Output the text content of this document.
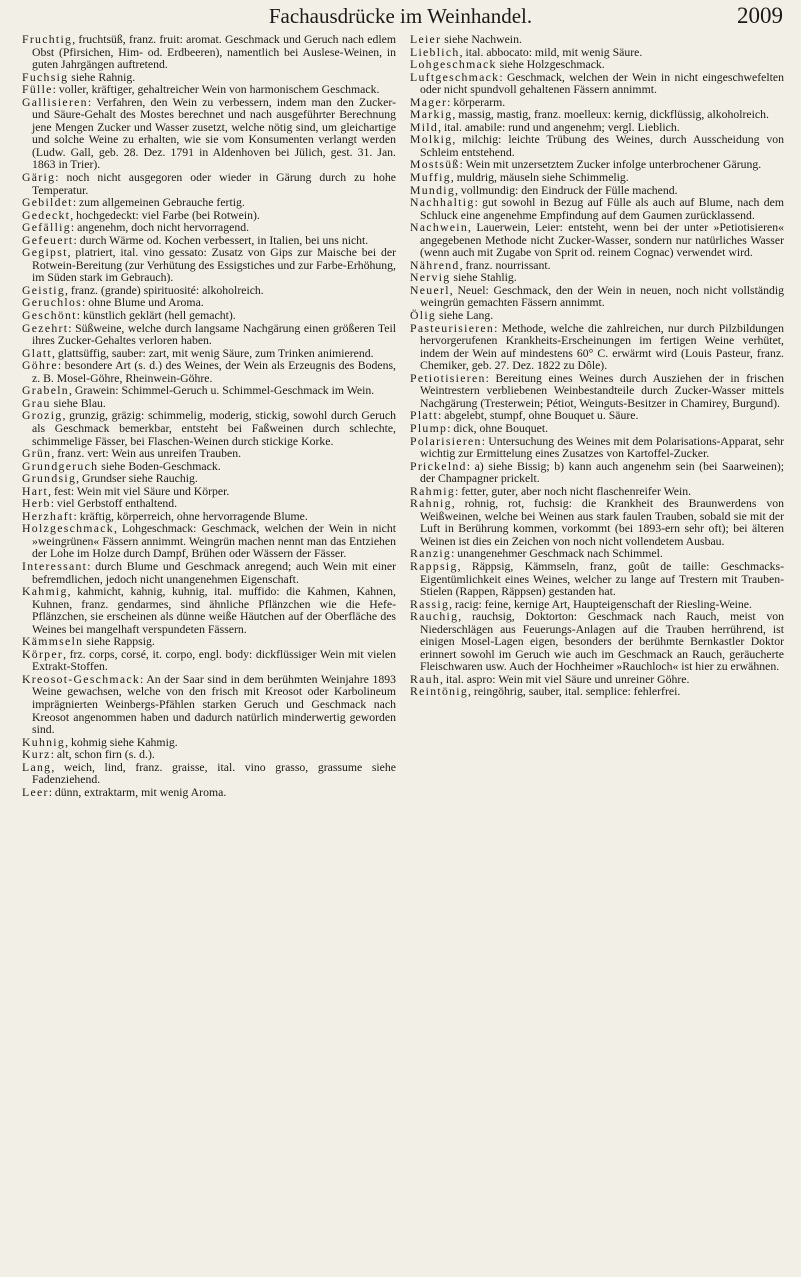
Fachausdrücke im Weinhandel.	2009

Fruchtig, fruchtsüß, franz. fruit: aromat. Geschmack und Geruch nach edlem Obst (Pfirsichen, Him- od. Erdbeeren), namentlich bei Auslese-Weinen, in guten Jahrgängen auftretend.

Fuchsig siehe Rahnig.

Fülle: voller, kräftiger, gehaltreicher Wein von harmonischem Geschmack.

Gallisieren: Verfahren, den Wein zu verbessern, indem man den Zucker- und Säure-Gehalt des Mostes berechnet und nach ausgeführter Berechnung jene Mengen Zucker und Wasser zusetzt, welche nötig sind, um gleichartige und solche Weine zu erhalten, wie sie vom Konsumenten verlangt werden (Ludw. Gall, geb. 28. Dez. 1791 in Aldenhoven bei Jülich, gest. 31. Jan. 1863 in Trier).

Gärig: noch nicht ausgegoren oder wieder in Gärung durch zu hohe Temperatur.

Gebildet: zum allgemeinen Gebrauche fertig.

Gedeckt, hochgedeckt: viel Farbe (bei Rotwein).

Gefällig: angenehm, doch nicht hervorragend.

Gefeuert: durch Wärme od. Kochen verbessert, in Italien, bei uns nicht.

Gegipst, platriert, ital. vino gessato: Zusatz von Gips zur Maische bei der Rotwein-Bereitung (zur Verhütung des Essigstiches und zur Farbe-Erhöhung, im Süden stark im Gebrauch).

Geistig, franz. (grande) spirituosité: alkoholreich.

Geruchlos: ohne Blume und Aroma.

Geschönt: künstlich geklärt (hell gemacht).

Gezehrt: Süßweine, welche durch langsame Nachgärung einen größeren Teil ihres Zucker-Gehaltes verloren haben.

Glatt, glattsüffig, sauber: zart, mit wenig Säure, zum Trinken animierend.

Göhre: besondere Art (s. d.) des Weines, der Wein als Erzeugnis des Bodens, z. B. Mosel-Göhre, Rheinwein-Göhre.

Grabeln, Grawein: Schimmel-Geruch u. Schimmel-Geschmack im Wein.

Grau siehe Blau.

Grozig, grunzig, gräzig: schimmelig, moderig, stickig, sowohl durch Geruch als Geschmack bemerkbar, entsteht bei Faßweinen durch schlechte, schimmelige Fässer, bei Flaschen-Weinen durch stickige Korke.

Grün, franz. vert: Wein aus unreifen Trauben.

Grundgeruch siehe Boden-Geschmack.

Grundsig, Grundser siehe Rauchig.

Hart, fest: Wein mit viel Säure und Körper.

Herb: viel Gerbstoff enthaltend.

Herzhaft: kräftig, körperreich, ohne hervorragende Blume.

Holzgeschmack, Lohgeschmack: Geschmack, welchen der Wein in nicht »weingrünen« Fässern annimmt. Weingrün machen nennt man das Entziehen der Lohe im Holze durch Dampf, Brühen oder Wässern der Fässer.

Interessant: durch Blume und Geschmack anregend; auch Wein mit einer befremdlichen, jedoch nicht unangenehmen Eigenschaft.

Kahmig, kahmicht, kahnig, kuhnig, ital. muffido: die Kahmen, Kahnen, Kuhnen, franz. gendarmes, sind ähnliche Pflänzchen wie die Hefe-Pflänzchen, sie erscheinen als dünne weiße Häutchen auf der Oberfläche des Weines bei mangelhaft verspundeten Fässern.

Kämmseln siehe Rappsig.

Körper, frz. corps, corsé, it. corpo, engl. body: dickflüssiger Wein mit vielen Extrakt-Stoffen.

Kreosot-Geschmack: An der Saar sind in dem berühmten Weinjahre 1893 Weine gewachsen, welche von den frisch mit Kreosot oder Karbolineum imprägnierten Weinbergs-Pfählen starken Geruch und Geschmack nach Kreosot angenommen haben und dadurch natürlich minderwertig geworden sind.

Kuhnig, kohmig siehe Kahmig.

Kurz: alt, schon firn (s. d.).

Lang, weich, lind, franz. graisse, ital. vino grasso, grassume siehe Fadenziehend.

Leer: dünn, extraktarm, mit wenig Aroma.

Leier siehe Nachwein.

Lieblich, ital. abbocato: mild, mit wenig Säure.

Lohgeschmack siehe Holzgeschmack.

Luftgeschmack: Geschmack, welchen der Wein in nicht eingeschwefelten oder nicht spundvoll gehaltenen Fässern annimmt.

Mager: körperarm.

Markig, massig, mastig, franz. moelleux: kernig, dickflüssig, alkoholreich.

Mild, ital. amabile: rund und angenehm; vergl. Lieblich.

Molkig, milchig: leichte Trübung des Weines, durch Ausscheidung von Schleim entstehend.

Mostsüß: Wein mit unzersetztem Zucker infolge unterbrochener Gärung.

Muffig, muldrig, mäuseln siehe Schimmelig.

Mundig, vollmundig: den Eindruck der Fülle machend.

Nachhaltig: gut sowohl in Bezug auf Fülle als auch auf Blume, nach dem Schluck eine angenehme Empfindung auf dem Gaumen zurücklassend.

Nachwein, Lauerwein, Leier: entsteht, wenn bei der unter »Petiotisieren« angegebenen Methode nicht Zucker-Wasser, sondern nur natürliches Wasser (wenn auch mit Zugabe von Sprit od. reinem Cognac) verwendet wird.

Nährend, franz. nourrissant.

Nervig siehe Stahlig.

Neuerl, Neuel: Geschmack, den der Wein in neuen, noch nicht vollständig weingrün gemachten Fässern annimmt.

Ölig siehe Lang.

Pasteurisieren: Methode, welche die zahlreichen, nur durch Pilzbildungen hervorgerufenen Krankheits-Erscheinungen im fertigen Weine verhütet, indem der Wein auf mindestens 60° C. erwärmt wird (Louis Pasteur, franz. Chemiker, geb. 27. Dez. 1822 zu Dôle).

Petiotisieren: Bereitung eines Weines durch Ausziehen der in frischen Weintrestern verbliebenen Weinbestandteile durch Zucker-Wasser mittels Nachgärung (Tresterwein; Pétiot, Weinguts-Besitzer in Chamirey, Burgund).

Platt: abgelebt, stumpf, ohne Bouquet u. Säure.

Plump: dick, ohne Bouquet.

Polarisieren: Untersuchung des Weines mit dem Polarisations-Apparat, sehr wichtig zur Ermittelung eines Zusatzes von Kartoffel-Zucker.

Prickelnd: a) siehe Bissig; b) kann auch angenehm sein (bei Saarweinen); der Champagner prickelt.

Rahmig: fetter, guter, aber noch nicht flaschenreifer Wein.

Rahnig, rohnig, rot, fuchsig: die Krankheit des Braunwerdens von Weißweinen, welche bei Weinen aus stark faulen Trauben, sobald sie mit der Luft in Berührung kommen, vorkommt (bei 1893-ern sehr oft); bei älteren Weinen ist dies ein Zeichen von noch nicht vollendetem Ausbau.

Ranzig: unangenehmer Geschmack nach Schimmel.

Rappsig, Räppsig, Kämmseln, franz, goût de taille: Geschmacks-Eigentümlichkeit eines Weines, welcher zu lange auf Trestern mit Trauben-Stielen (Rappen, Räppsen) gestanden hat.

Rassig, racig: feine, kernige Art, Haupteigenschaft der Riesling-Weine.

Rauchig, rauchsig, Doktorton: Geschmack nach Rauch, meist von Niederschlägen aus Feuerungs-Anlagen auf die Trauben herrührend, ist einigen Mosel-Lagen eigen, besonders der berühmte Bernkastler Doktor erinnert sowohl im Geruch wie auch im Geschmack an Rauch, geräucherte Fleischwaren usw. Auch der Hochheimer »Rauchloch« ist hier zu erwähnen.

Rauh, ital. aspro: Wein mit viel Säure und unreiner Göhre.

Reintönig, reingöhrig, sauber, ital. semplice: fehlerfrei.
